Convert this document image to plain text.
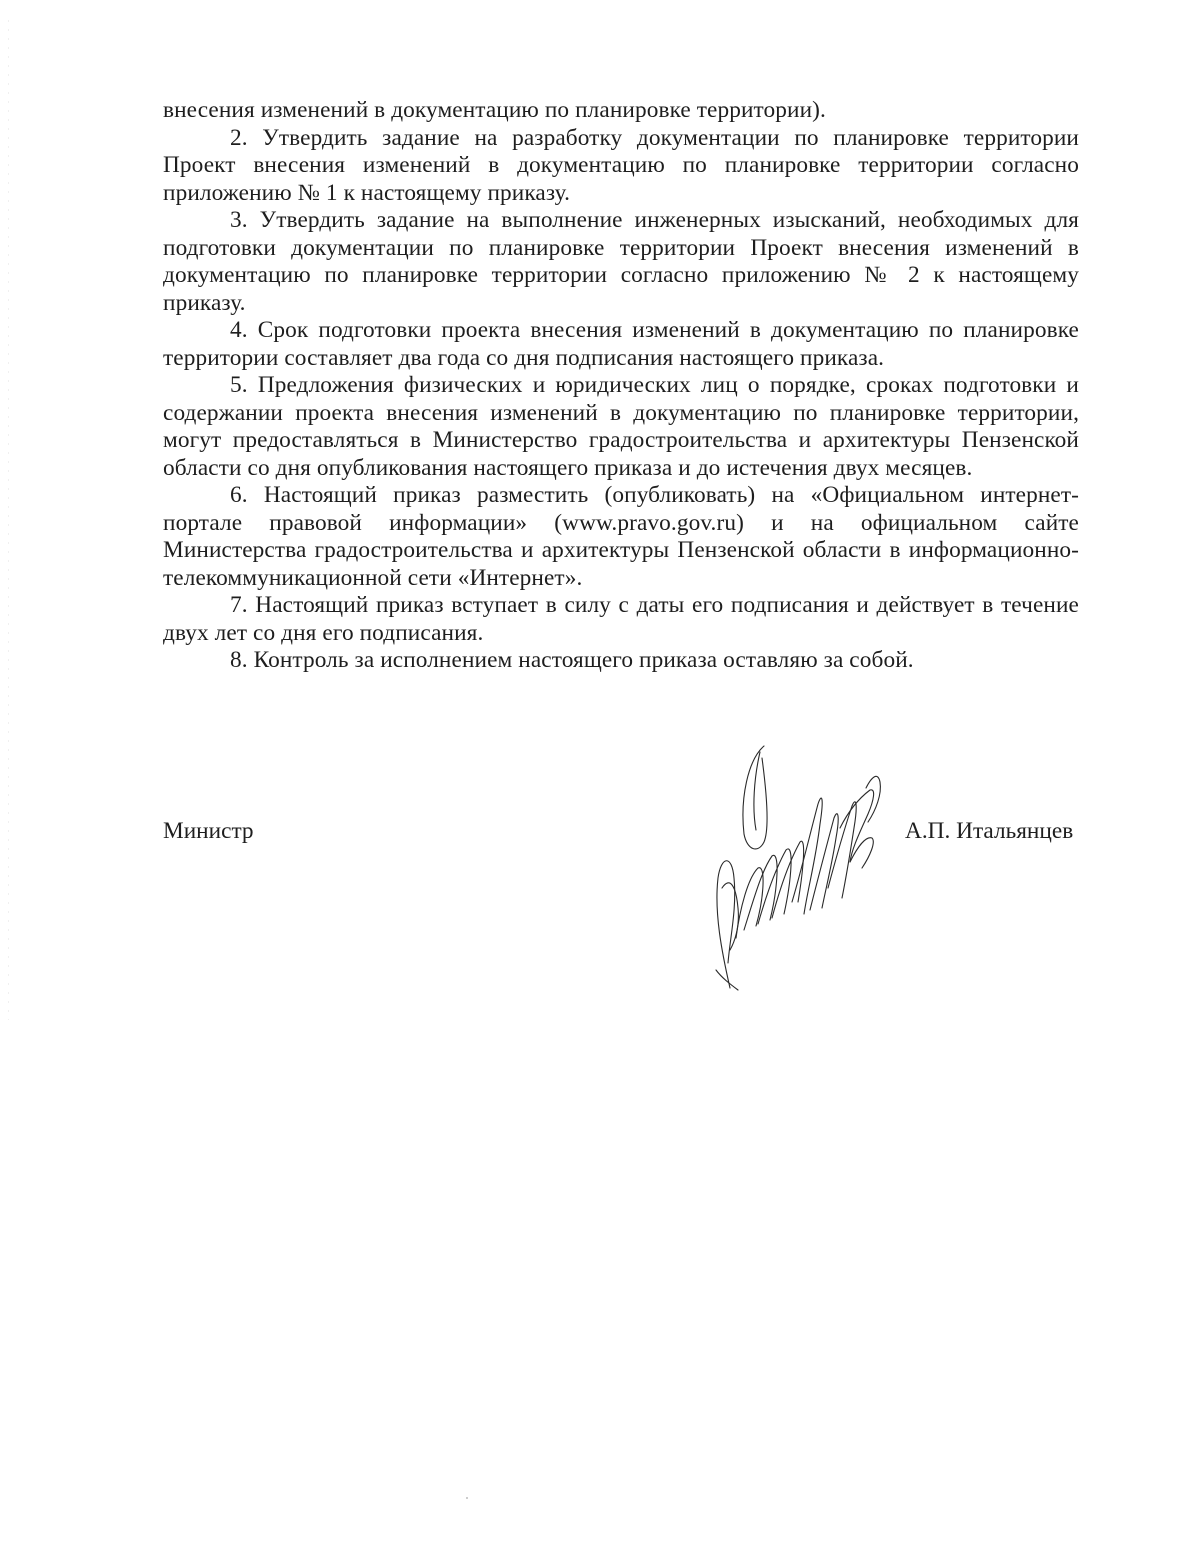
внесения изменений в документацию по планировке территории).

2. Утвердить задание на разработку документации по планировке территории Проект внесения изменений в документацию по планировке территории согласно приложению № 1 к настоящему приказу.

3. Утвердить задание на выполнение инженерных изысканий, необходимых для подготовки документации по планировке территории Проект внесения изменений в документацию по планировке территории согласно приложению № 2 к настоящему приказу.

4. Срок подготовки проекта внесения изменений в документацию по планировке территории составляет два года со дня подписания настоящего приказа.

5. Предложения физических и юридических лиц о порядке, сроках подготовки и содержании проекта внесения изменений в документацию по планировке территории, могут предоставляться в Министерство градостроительства и архитектуры Пензенской области со дня опубликования настоящего приказа и до истечения двух месяцев.

6. Настоящий приказ разместить (опубликовать) на «Официальном интернет-портале правовой информации» (www.pravo.gov.ru) и на официальном сайте Министерства градостроительства и архитектуры Пензенской области в информационно-телекоммуникационной сети «Интернет».

7. Настоящий приказ вступает в силу с даты его подписания и действует в течение двух лет со дня его подписания.

8. Контроль за исполнением настоящего приказа оставляю за собой.

Министр	А.П. Итальянцев
